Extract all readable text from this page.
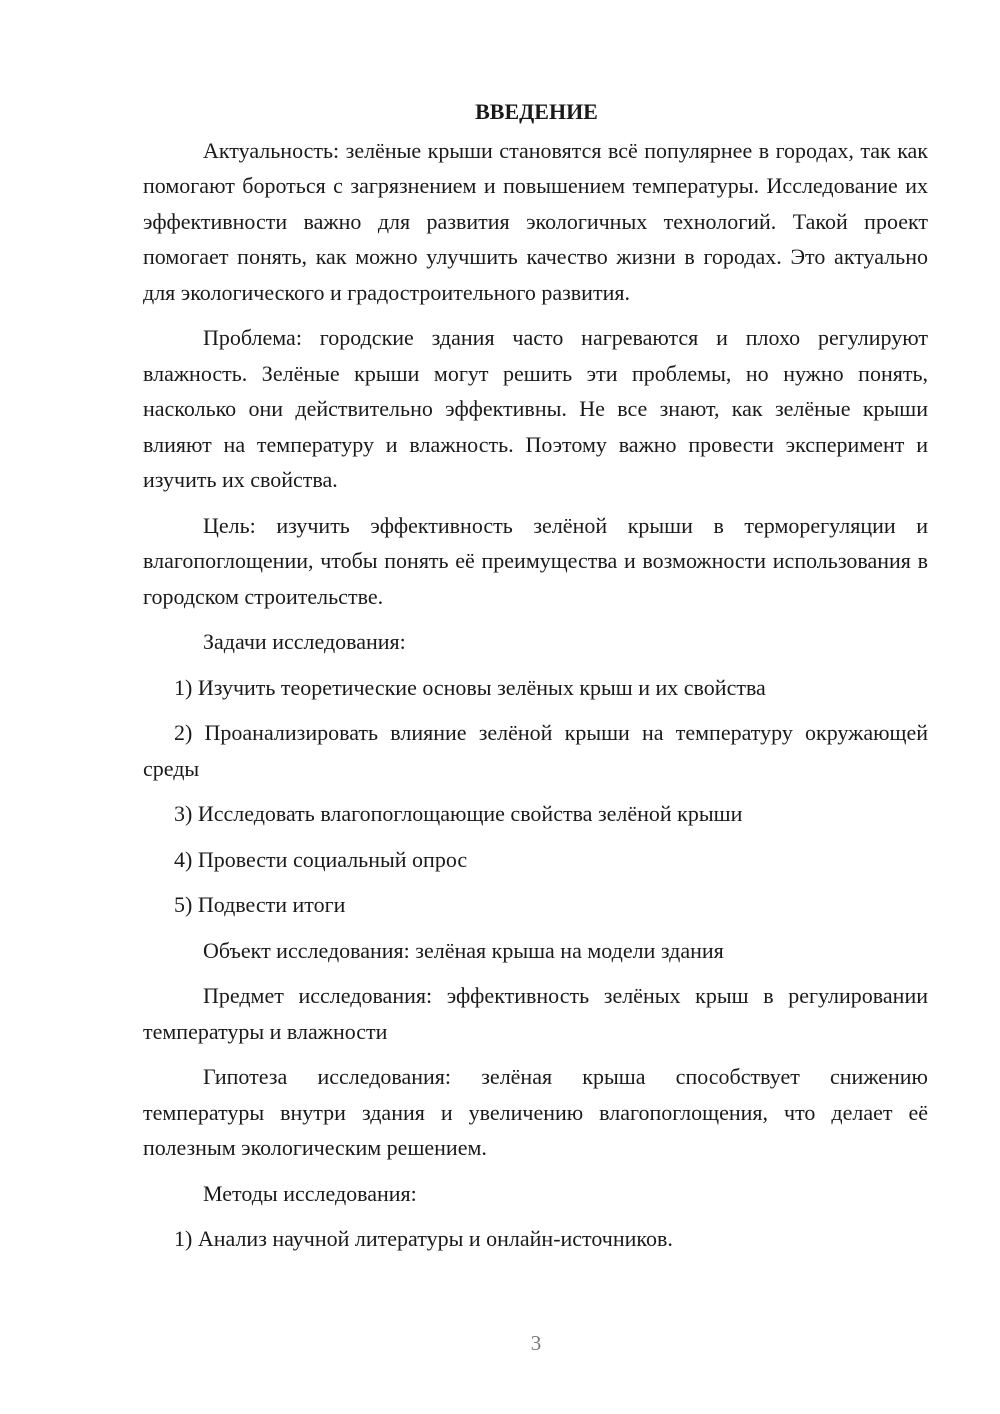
ВВЕДЕНИЕ

Актуальность: зелёные крыши становятся всё популярнее в городах, так как помогают бороться с загрязнением и повышением температуры. Исследование их эффективности важно для развития экологичных технологий. Такой проект помогает понять, как можно улучшить качество жизни в городах. Это актуально для экологического и градостроительного развития.

Проблема: городские здания часто нагреваются и плохо регулируют влажность. Зелёные крыши могут решить эти проблемы, но нужно понять, насколько они действительно эффективны. Не все знают, как зелёные крыши влияют на температуру и влажность. Поэтому важно провести эксперимент и изучить их свойства.

Цель: изучить эффективность зелёной крыши в терморегуляции и влагопоглощении, чтобы понять её преимущества и возможности использования в городском строительстве.

Задачи исследования:

1) Изучить теоретические основы зелёных крыш и их свойства

2) Проанализировать влияние зелёной крыши на температуру окружающей среды

3) Исследовать влагопоглощающие свойства зелёной крыши

4) Провести социальный опрос

5) Подвести итоги

Объект исследования: зелёная крыша на модели здания

Предмет исследования: эффективность зелёных крыш в регулировании температуры и влажности

Гипотеза исследования: зелёная крыша способствует снижению температуры внутри здания и увеличению влагопоглощения, что делает её полезным экологическим решением.

Методы исследования:

1) Анализ научной литературы и онлайн-источников.

3
